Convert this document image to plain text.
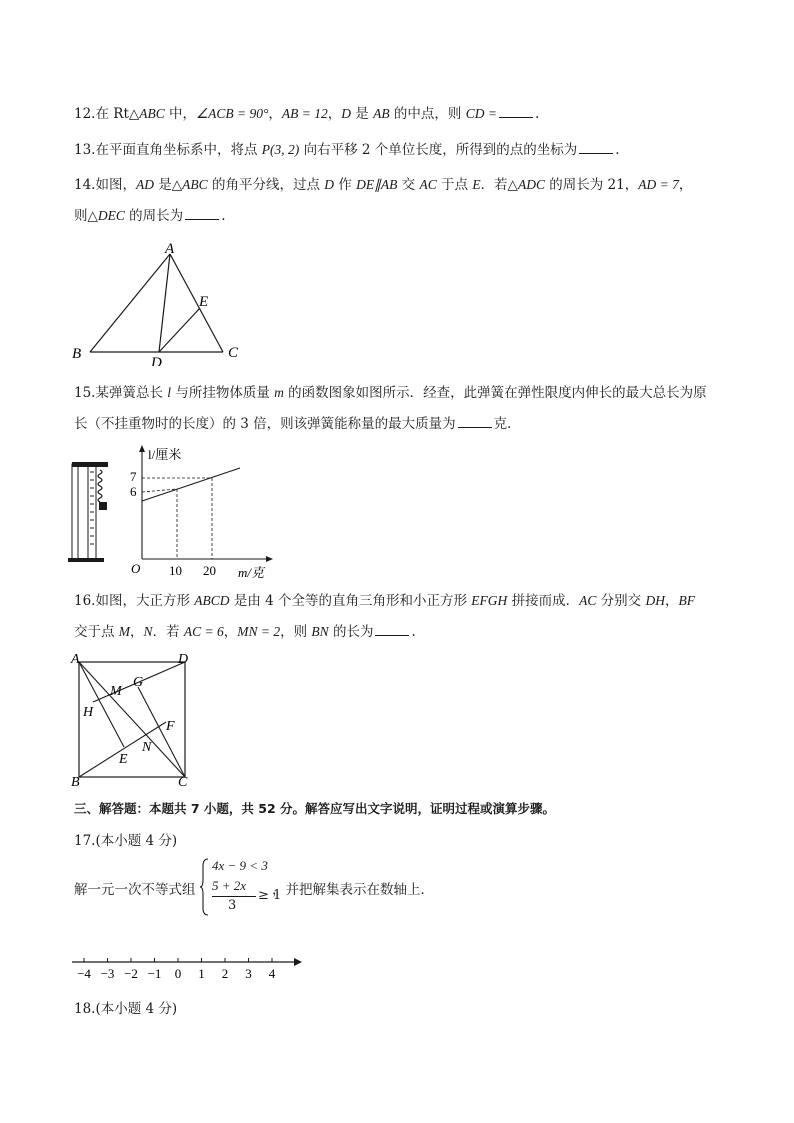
12.在 Rt△ABC 中，∠ACB = 90°，AB = 12，D 是 AB 的中点，则 CD =	.
13.在平面直角坐标系中，将点 P(3, 2) 向右平移 2 个单位长度，所得到的点的坐标为	.
14.如图，AD 是△ABC 的角平分线，过点 D 作 DE∥AB 交 AC 于点 E．若△ADC 的周长为 21，AD = 7，
则△DEC 的周长为	.
A
B	C
D
E
15.某弹簧总长 l 与所挂物体质量 m 的函数图象如图所示．经查，此弹簧在弹性限度内伸长的最大总长为原
长（不挂重物时的长度）的 3 倍，则该弹簧能称量的最大质量为	克．
l/厘米
m/克
O
7
6
10 20
16.如图，大正方形 ABCD 是由 4 个全等的直角三角形和小正方形 EFGH 拼接而成．AC 分别交 DH，BF
交于点 M，N．若 AC = 6，MN = 2，则 BN 的长为	.
A	D
B	C
G
M
H
F
N
E
三、解答题：本题共 7 小题，共 52 分。解答应写出文字说明，证明过程或演算步骤。
17.(本小题 4 分)
解一元一次不等式组
4x − 9 < 3
5 + 2x
3
≥ 1
，并把解集表示在数轴上．
−4 −3 −2 −1 0 1 2 3 4
18.(本小题 4 分)
